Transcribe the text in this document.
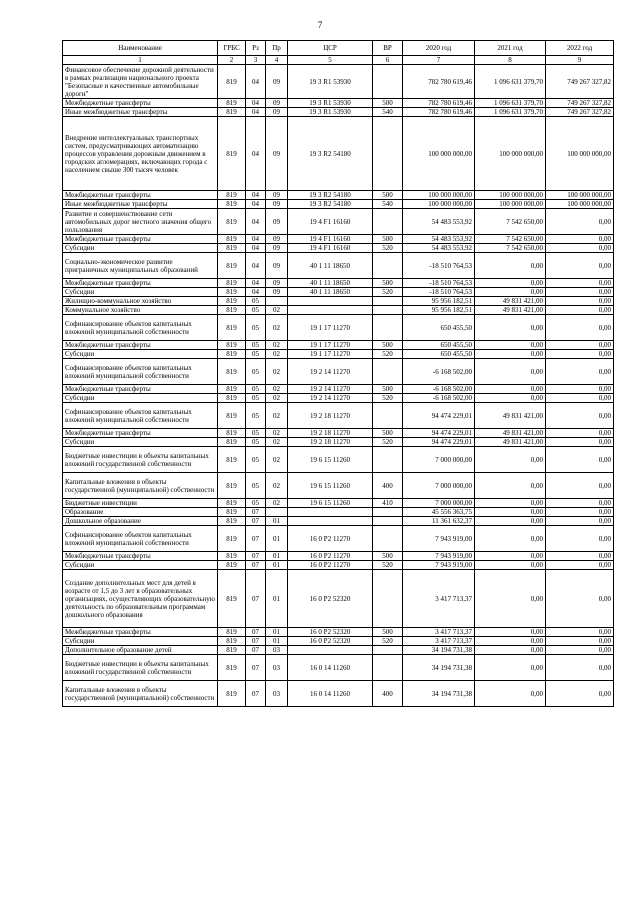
7
Наименование	ГРБС	Рз	Пр	ЦСР	ВР	2020 год	2021 год	2022 год
1	2	3	4	5	6	7	8	9
Финансовое обеспечение дорожной деятельности в рамках реализации национального проекта "Безопасные и качественные автомобильные дороги"	819	04	09	19 3 R1 53930		782 780 619,46	1 096 631 379,70	749 267 327,82
Межбюджетные трансферты	819	04	09	19 3 R1 53930	500	782 780 619,46	1 096 631 379,70	749 267 327,82
Иные межбюджетные трансферты	819	04	09	19 3 R1 53930	540	782 780 619,46	1 096 631 379,70	749 267 327,82
Внедрение интеллектуальных транспортных систем, предусматривающих автоматизацию процессов управления дорожным движением в городских агломерациях, включающих города с населением свыше 300 тысяч человек	819	04	09	19 3 R2 54180		100 000 000,00	100 000 000,00	100 000 000,00
Межбюджетные трансферты	819	04	09	19 3 R2 54180	500	100 000 000,00	100 000 000,00	100 000 000,00
Иные межбюджетные трансферты	819	04	09	19 3 R2 54180	540	100 000 000,00	100 000 000,00	100 000 000,00
Развитие и совершенствование сети автомобильных дорог местного значения общего пользования	819	04	09	19 4 F1 16160		54 483 553,92	7 542 650,00	0,00
Межбюджетные трансферты	819	04	09	19 4 F1 16160	500	54 483 553,92	7 542 650,00	0,00
Субсидии	819	04	09	19 4 F1 16160	520	54 483 553,92	7 542 650,00	0,00
Социально-экономическое развитие приграничных муниципальных образований	819	04	09	40 1 11 18650		-18 510 764,53	0,00	0,00
Межбюджетные трансферты	819	04	09	40 1 11 18650	500	-18 510 764,53	0,00	0,00
Субсидии	819	04	09	40 1 11 18650	520	-18 510 764,53	0,00	0,00
Жилищно-коммунальное хозяйство	819	05				95 956 182,51	49 831 421,00	0,00
Коммунальное хозяйство	819	05	02			95 956 182,51	49 831 421,00	0,00
Софинансирование объектов капитальных вложений муниципальной собственности	819	05	02	19 1 17 11270		650 455,50	0,00	0,00
Межбюджетные трансферты	819	05	02	19 1 17 11270	500	650 455,50	0,00	0,00
Субсидии	819	05	02	19 1 17 11270	520	650 455,50	0,00	0,00
Софинансирование объектов капитальных вложений муниципальной собственности	819	05	02	19 2 14 11270		-6 168 502,00	0,00	0,00
Межбюджетные трансферты	819	05	02	19 2 14 11270	500	-6 168 502,00	0,00	0,00
Субсидии	819	05	02	19 2 14 11270	520	-6 168 502,00	0,00	0,00
Софинансирование объектов капитальных вложений муниципальной собственности	819	05	02	19 2 18 11270		94 474 229,01	49 831 421,00	0,00
Межбюджетные трансферты	819	05	02	19 2 18 11270	500	94 474 229,01	49 831 421,00	0,00
Субсидии	819	05	02	19 2 18 11270	520	94 474 229,01	49 831 421,00	0,00
Бюджетные инвестиции в объекты капитальных вложений государственной собственности	819	05	02	19 6 15 11260		7 000 000,00	0,00	0,00
Капитальные вложения в объекты государственной (муниципальной) собственности	819	05	02	19 6 15 11260	400	7 000 000,00	0,00	0,00
Бюджетные инвестиции	819	05	02	19 6 15 11260	410	7 000 000,00	0,00	0,00
Образование	819	07				45 556 363,75	0,00	0,00
Дошкольное образование	819	07	01			11 361 632,37	0,00	0,00
Софинансирование объектов капитальных вложений муниципальной собственности	819	07	01	16 0 P2 11270		7 943 919,00	0,00	0,00
Межбюджетные трансферты	819	07	01	16 0 P2 11270	500	7 943 919,00	0,00	0,00
Субсидии	819	07	01	16 0 P2 11270	520	7 943 919,00	0,00	0,00
Создание дополнительных мест для детей в возрасте от 1,5 до 3 лет в образовательных организациях, осуществляющих образовательную деятельность по образовательным программам дошкольного образования	819	07	01	16 0 P2 52320		3 417 713,37	0,00	0,00
Межбюджетные трансферты	819	07	01	16 0 P2 52320	500	3 417 713,37	0,00	0,00
Субсидии	819	07	01	16 0 P2 52320	520	3 417 713,37	0,00	0,00
Дополнительное образование детей	819	07	03			34 194 731,38	0,00	0,00
Бюджетные инвестиции в объекты капитальных вложений государственной собственности	819	07	03	16 0 14 11260		34 194 731,38	0,00	0,00
Капитальные вложения в объекты государственной (муниципальной) собственности	819	07	03	16 0 14 11260	400	34 194 731,38	0,00	0,00
